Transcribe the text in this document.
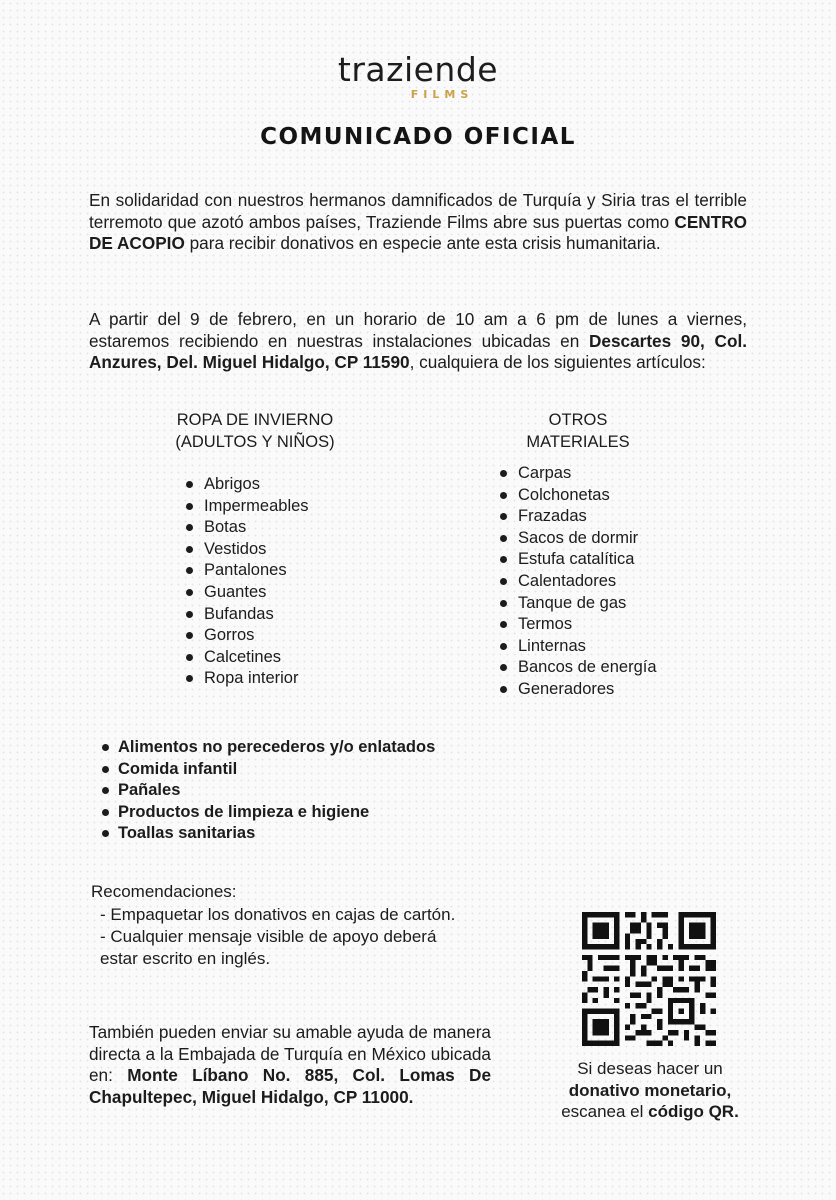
traziende
FILMS
COMUNICADO OFICIAL
En solidaridad con nuestros hermanos damnificados de Turquía y Siria tras el terrible terremoto que azotó ambos países, Traziende Films abre sus puertas como CENTRO DE ACOPIO para recibir donativos en especie ante esta crisis humanitaria.
A partir del 9 de febrero, en un horario de 10 am a 6 pm de lunes a viernes, estaremos recibiendo en nuestras instalaciones ubicadas en Descartes 90, Col. Anzures, Del. Miguel Hidalgo, CP 11590, cualquiera de los siguientes artículos:
ROPA DE INVIERNO
(ADULTOS Y NIÑOS)
OTROS
MATERIALES
Abrigos
Impermeables
Botas
Vestidos
Pantalones
Guantes
Bufandas
Gorros
Calcetines
Ropa interior
Carpas
Colchonetas
Frazadas
Sacos de dormir
Estufa catalítica
Calentadores
Tanque de gas
Termos
Linternas
Bancos de energía
Generadores
Alimentos no perecederos y/o enlatados
Comida infantil
Pañales
Productos de limpieza e higiene
Toallas sanitarias
Recomendaciones:
- Empaquetar los donativos en cajas de cartón.
- Cualquier mensaje visible de apoyo deberá
estar escrito en inglés.
También pueden enviar su amable ayuda de manera directa a la Embajada de Turquía en México ubicada en: Monte Líbano No. 885, Col. Lomas De Chapultepec, Miguel Hidalgo, CP 11000.
Si deseas hacer un
donativo monetario,
escanea el código QR.
